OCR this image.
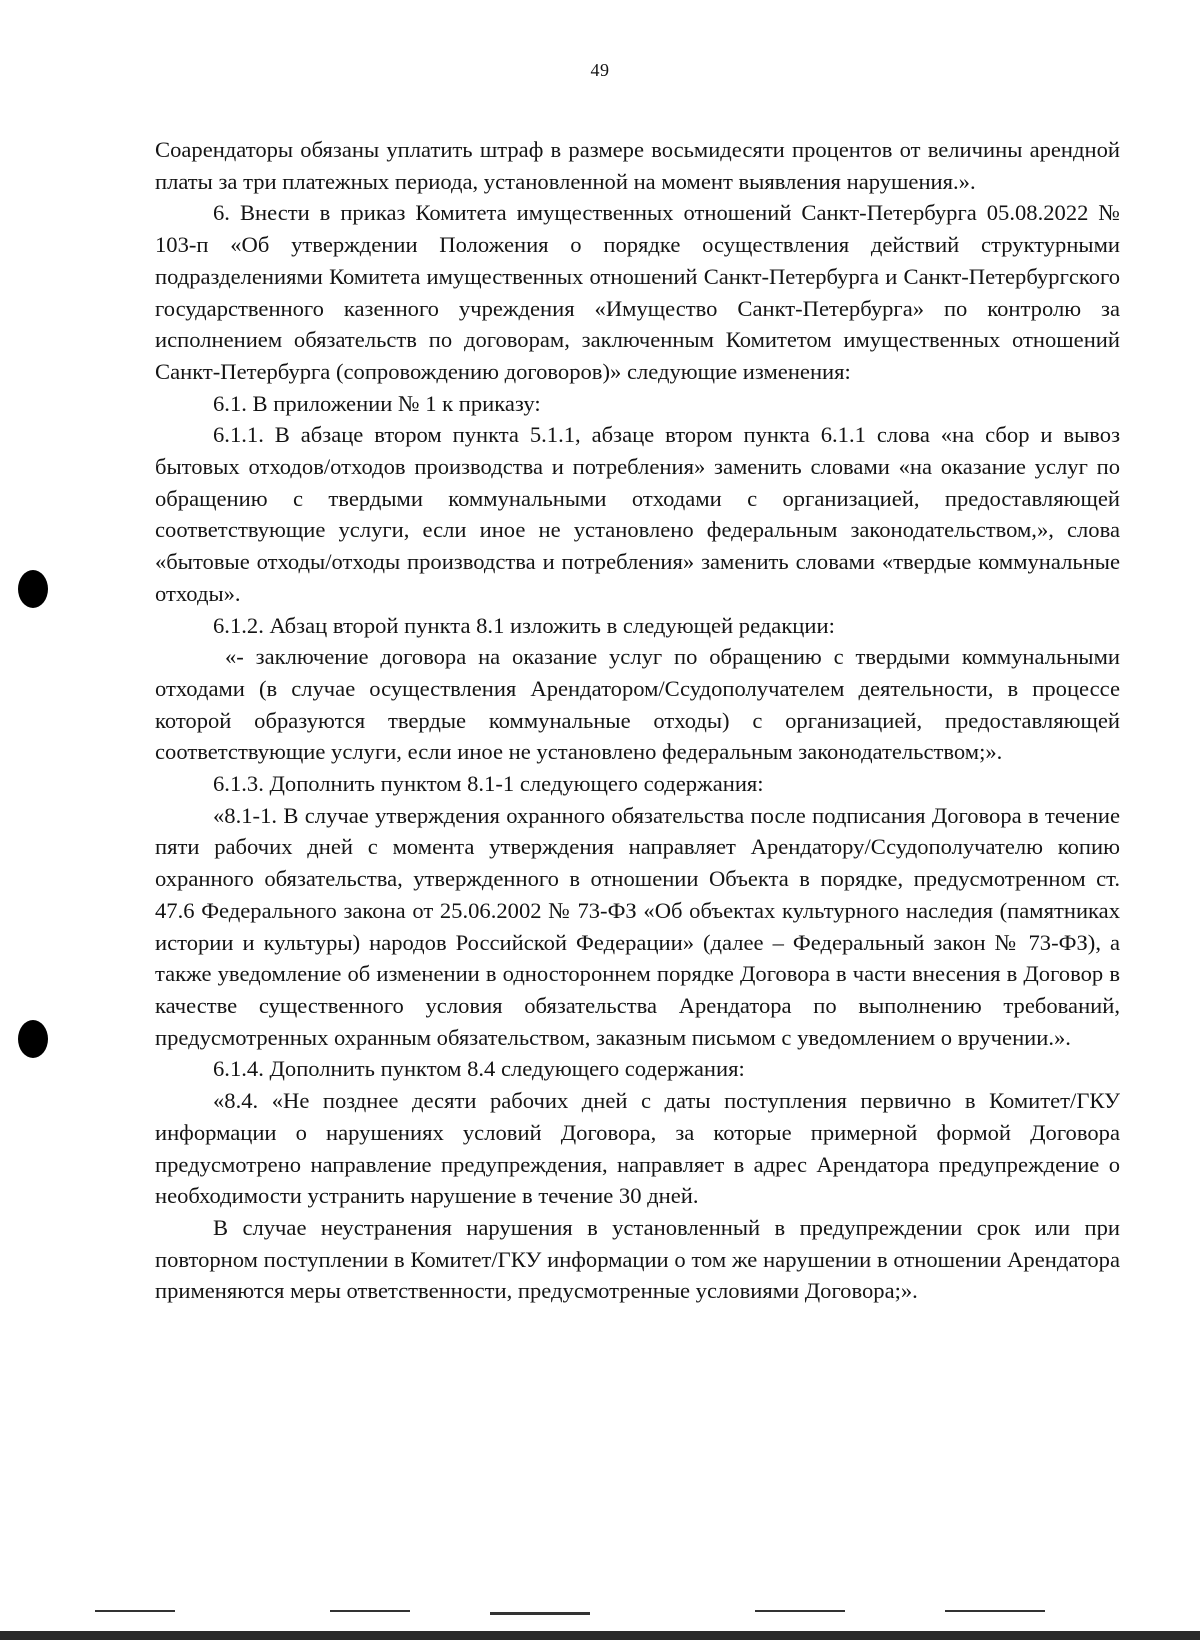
49

Соарендаторы обязаны уплатить штраф в размере восьмидесяти процентов от величины арендной платы за три платежных периода, установленной на момент выявления нарушения.».

6. Внести в приказ Комитета имущественных отношений Санкт-Петербурга 05.08.2022 № 103-п «Об утверждении Положения о порядке осуществления действий структурными подразделениями Комитета имущественных отношений Санкт-Петербурга и Санкт-Петербургского государственного казенного учреждения «Имущество Санкт-Петербурга» по контролю за исполнением обязательств по договорам, заключенным Комитетом имущественных отношений Санкт-Петербурга (сопровождению договоров)» следующие изменения:

6.1. В приложении № 1 к приказу:

6.1.1. В абзаце втором пункта 5.1.1, абзаце втором пункта 6.1.1 слова «на сбор и вывоз бытовых отходов/отходов производства и потребления» заменить словами «на оказание услуг по обращению с твердыми коммунальными отходами с организацией, предоставляющей соответствующие услуги, если иное не установлено федеральным законодательством,», слова «бытовые отходы/отходы производства и потребления» заменить словами «твердые коммунальные отходы».

6.1.2. Абзац второй пункта 8.1 изложить в следующей редакции:

«- заключение договора на оказание услуг по обращению с твердыми коммунальными отходами (в случае осуществления Арендатором/Ссудополучателем деятельности, в процессе которой образуются твердые коммунальные отходы) с организацией, предоставляющей соответствующие услуги, если иное не установлено федеральным законодательством;».

6.1.3. Дополнить пунктом 8.1-1 следующего содержания:

«8.1-1. В случае утверждения охранного обязательства после подписания Договора в течение пяти рабочих дней с момента утверждения направляет Арендатору/Ссудополучателю копию охранного обязательства, утвержденного в отношении Объекта в порядке, предусмотренном ст. 47.6 Федерального закона от 25.06.2002 № 73-ФЗ «Об объектах культурного наследия (памятниках истории и культуры) народов Российской Федерации» (далее – Федеральный закон № 73-ФЗ), а также уведомление об изменении в одностороннем порядке Договора в части внесения в Договор в качестве существенного условия обязательства Арендатора по выполнению требований, предусмотренных охранным обязательством, заказным письмом с уведомлением о вручении.».

6.1.4. Дополнить пунктом 8.4 следующего содержания:

«8.4. «Не позднее десяти рабочих дней с даты поступления первично в Комитет/ГКУ информации о нарушениях условий Договора, за которые примерной формой Договора предусмотрено направление предупреждения, направляет в адрес Арендатора предупреждение о необходимости устранить нарушение в течение 30 дней.

В случае неустранения нарушения в установленный в предупреждении срок или при повторном поступлении в Комитет/ГКУ информации о том же нарушении в отношении Арендатора применяются меры ответственности, предусмотренные условиями Договора;».
